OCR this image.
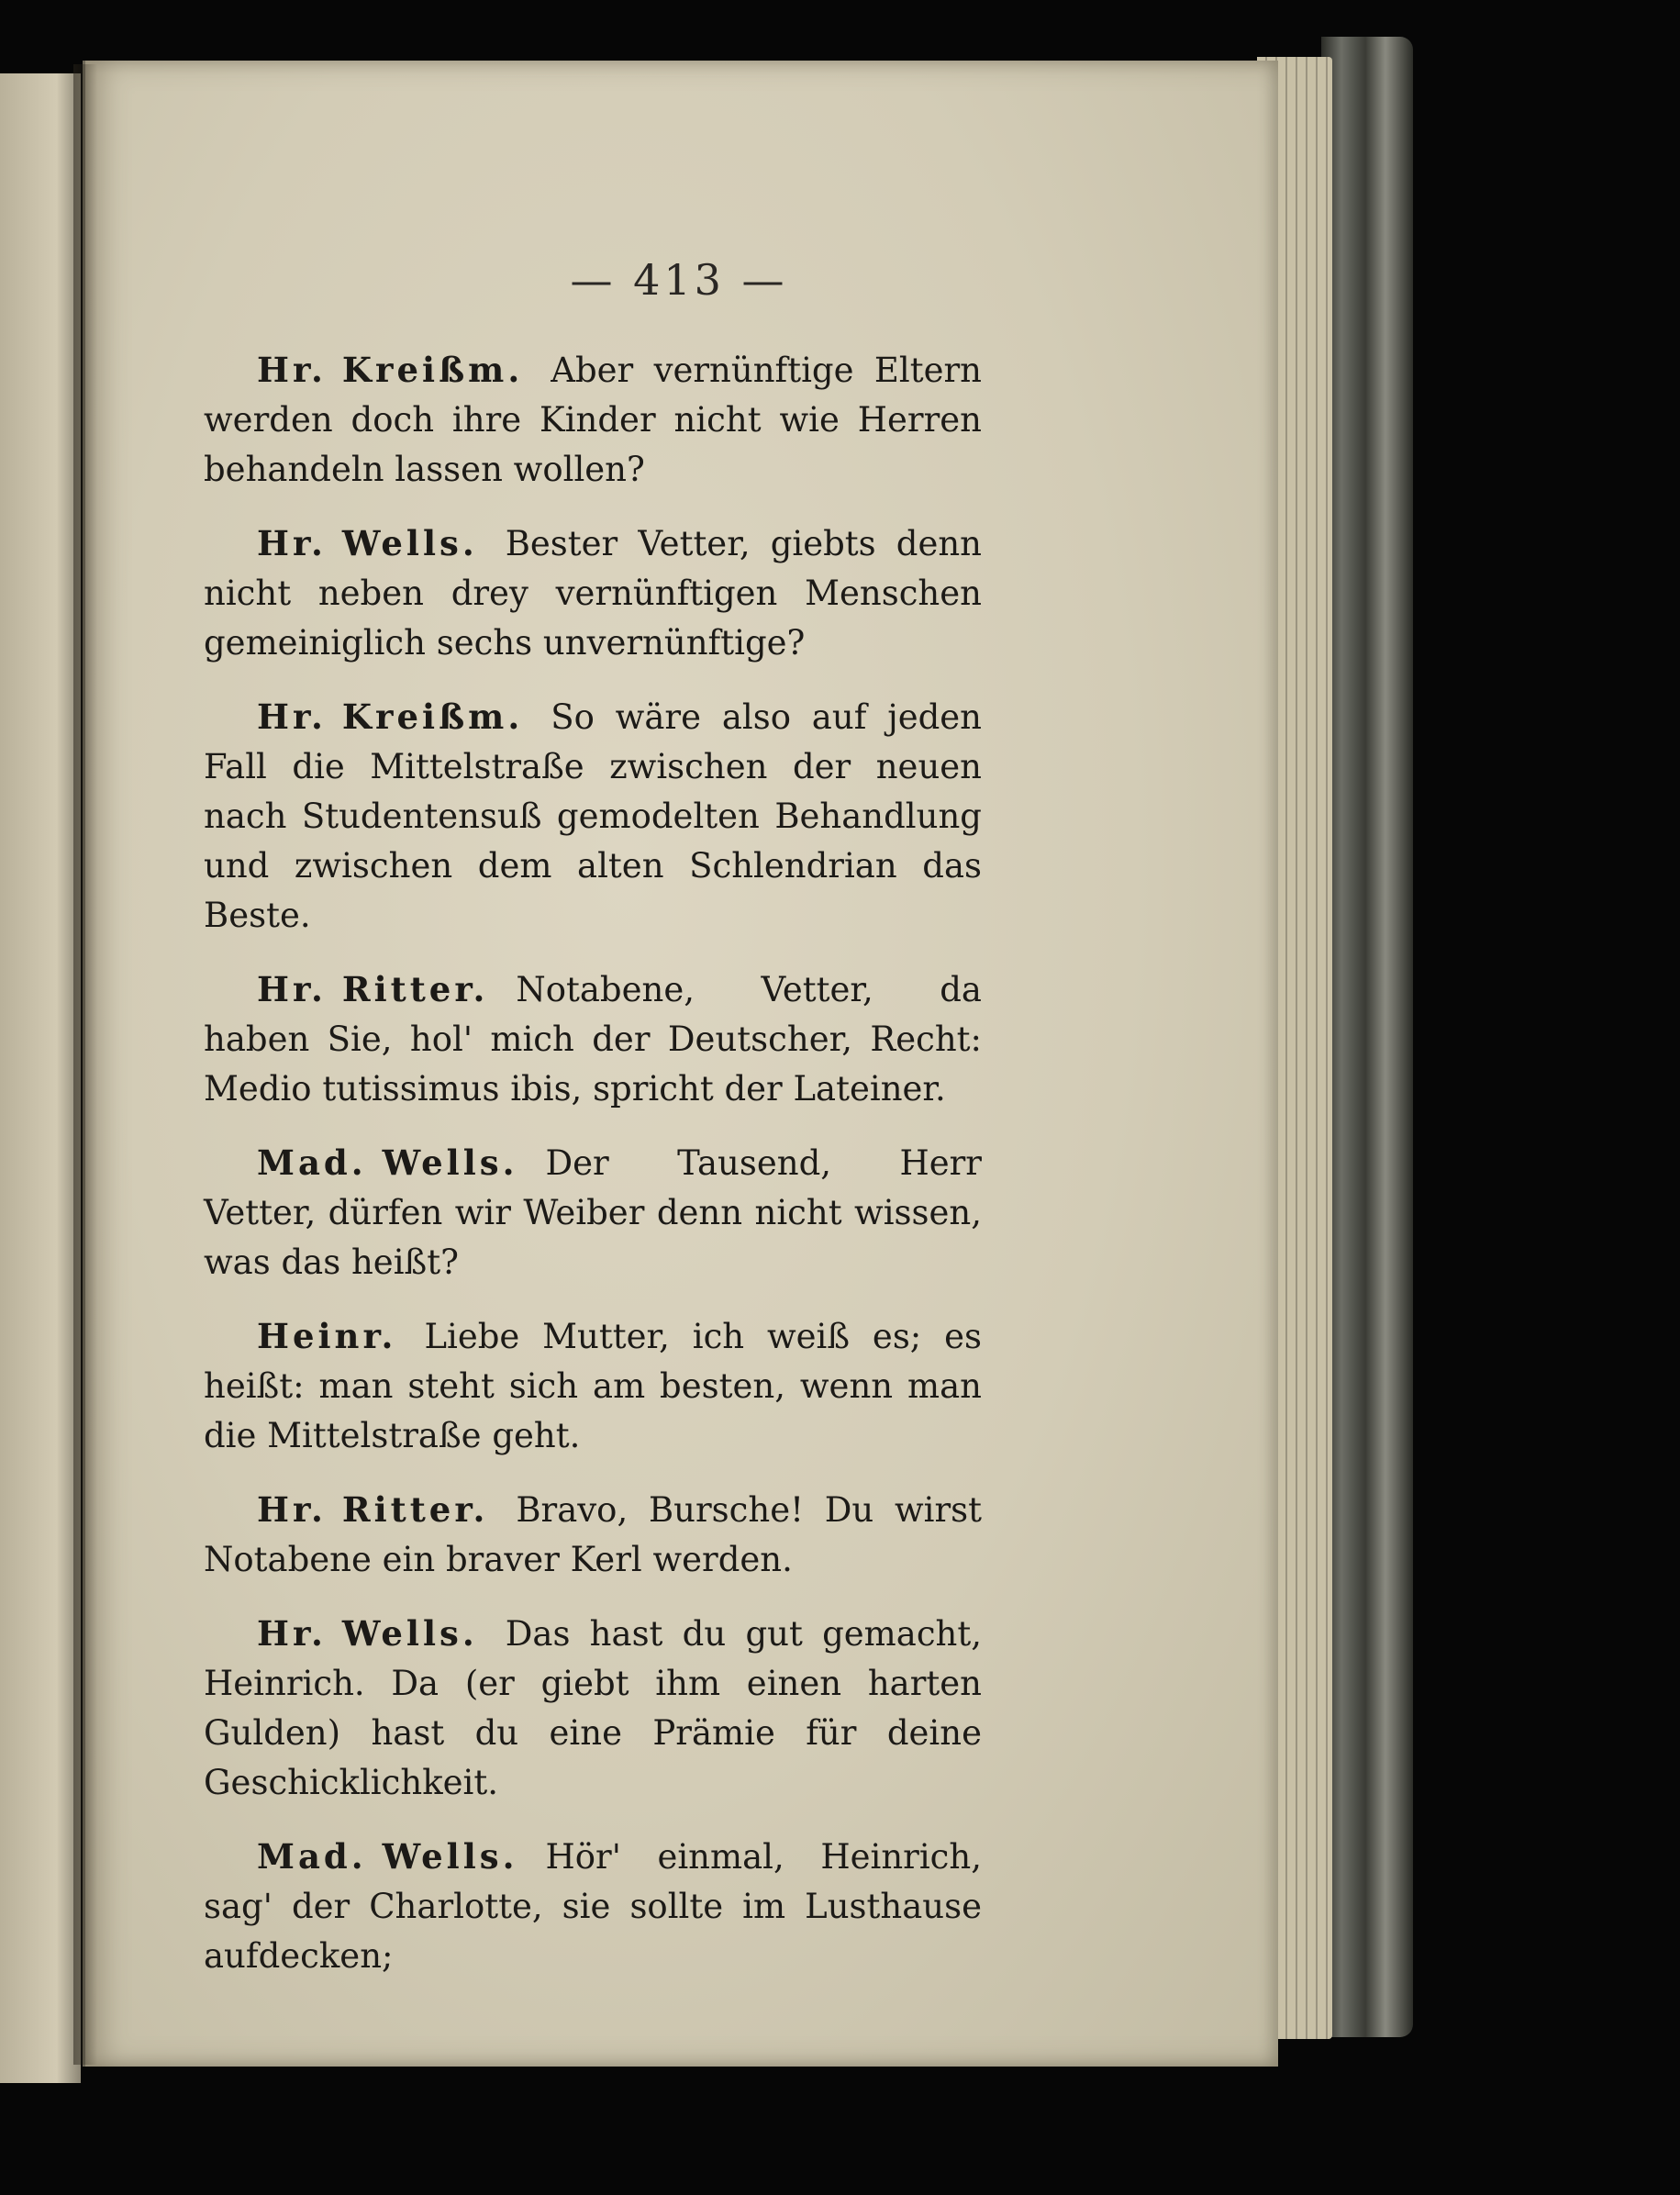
— 413 —

Hr. Kreißm. Aber vernünftige Eltern werden doch ihre Kinder nicht wie Herren behandeln lassen wollen?

Hr. Wells. Bester Vetter, giebts denn nicht neben drey vernünftigen Menschen gemeiniglich sechs unvernünftige?

Hr. Kreißm. So wäre also auf jeden Fall die Mittelstraße zwischen der neuen nach Studentensuß gemodelten Behandlung und zwischen dem alten Schlendrian das Beste.

Hr. Ritter. Notabene, Vetter, da haben Sie, hol' mich der Deutscher, Recht: Medio tutissimus ibis, spricht der Lateiner.

Mad. Wells. Der Tausend, Herr Vetter, dürfen wir Weiber denn nicht wissen, was das heißt?

Heinr. Liebe Mutter, ich weiß es; es heißt: man steht sich am besten, wenn man die Mittelstraße geht.

Hr. Ritter. Bravo, Bursche! Du wirst Notabene ein braver Kerl werden.

Hr. Wells. Das hast du gut gemacht, Heinrich. Da (er giebt ihm einen harten Gulden) hast du eine Prämie für deine Geschicklichkeit.

Mad. Wells. Hör' einmal, Heinrich, sag' der Charlotte, sie sollte im Lusthause aufdecken;
